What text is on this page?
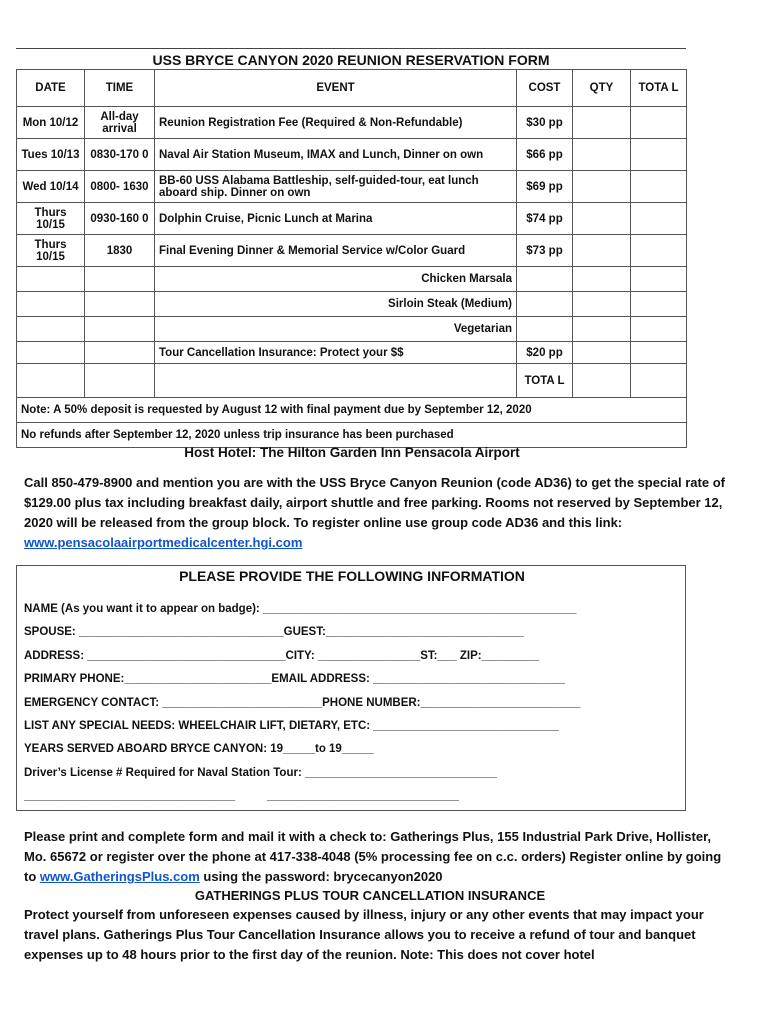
USS BRYCE CANYON 2020 REUNION RESERVATION FORM
DATE	TIME	EVENT	COST	QTY	TOTA L
Mon 10/12	All-day arrival	Reunion Registration Fee (Required & Non-Refundable)	$30 pp		
Tues 10/13	0830-170 0	Naval Air Station Museum, IMAX and Lunch, Dinner on own	$66 pp		
Wed 10/14	0800- 1630	BB-60 USS Alabama Battleship, self-guided-tour, eat lunch aboard ship. Dinner on own	$69 pp		
Thurs 10/15	0930-160 0	Dolphin Cruise, Picnic Lunch at Marina	$74 pp		
Thurs 10/15	1830	Final Evening Dinner & Memorial Service w/Color Guard	$73 pp		
		Chicken Marsala			
		Sirloin Steak (Medium)			
		Vegetarian			
		Tour Cancellation Insurance: Protect your $$	$20 pp		
			TOTA L		
Note: A 50% deposit is requested by August 12 with final payment due by September 12, 2020					
No refunds after September 12, 2020 unless trip insurance has been purchased					
Host Hotel: The Hilton Garden Inn Pensacola Airport
Call 850-479-8900 and mention you are with the USS Bryce Canyon Reunion (code AD36) to get the special rate of $129.00 plus tax including breakfast daily, airport shuttle and free parking. Rooms not reserved by September 12, 2020 will be released from the group block. To register online use group code AD36 and this link: www.pensacolaairportmedicalcenter.hgi.com
PLEASE PROVIDE THE FOLLOWING INFORMATION
NAME (As you want it to appear on badge): _________________________________________________
SPOUSE: ________________________________GUEST:_______________________________
ADDRESS: _______________________________CITY: ________________ST:___ ZIP:_________
PRIMARY PHONE:_______________________EMAIL ADDRESS: ______________________________
EMERGENCY CONTACT: _________________________PHONE NUMBER:_________________________
LIST ANY SPECIAL NEEDS: WHEELCHAIR LIFT, DIETARY, ETC: _____________________________
YEARS SERVED ABOARD BRYCE CANYON: 19_____to 19_____
Driver’s License # Required for Naval Station Tour: ______________________________
_________________________________          ______________________________
Please print and complete form and mail it with a check to: Gatherings Plus, 155 Industrial Park Drive, Hollister, Mo. 65672 or register over the phone at 417-338-4048 (5% processing fee on c.c. orders) Register online by going to www.GatheringsPlus.com using the password: brycecanyon2020
GATHERINGS PLUS TOUR CANCELLATION INSURANCE
Protect yourself from unforeseen expenses caused by illness, injury or any other events that may impact your travel plans. Gatherings Plus Tour Cancellation Insurance allows you to receive a refund of tour and banquet expenses up to 48 hours prior to the first day of the reunion. Note: This does not cover hotel
